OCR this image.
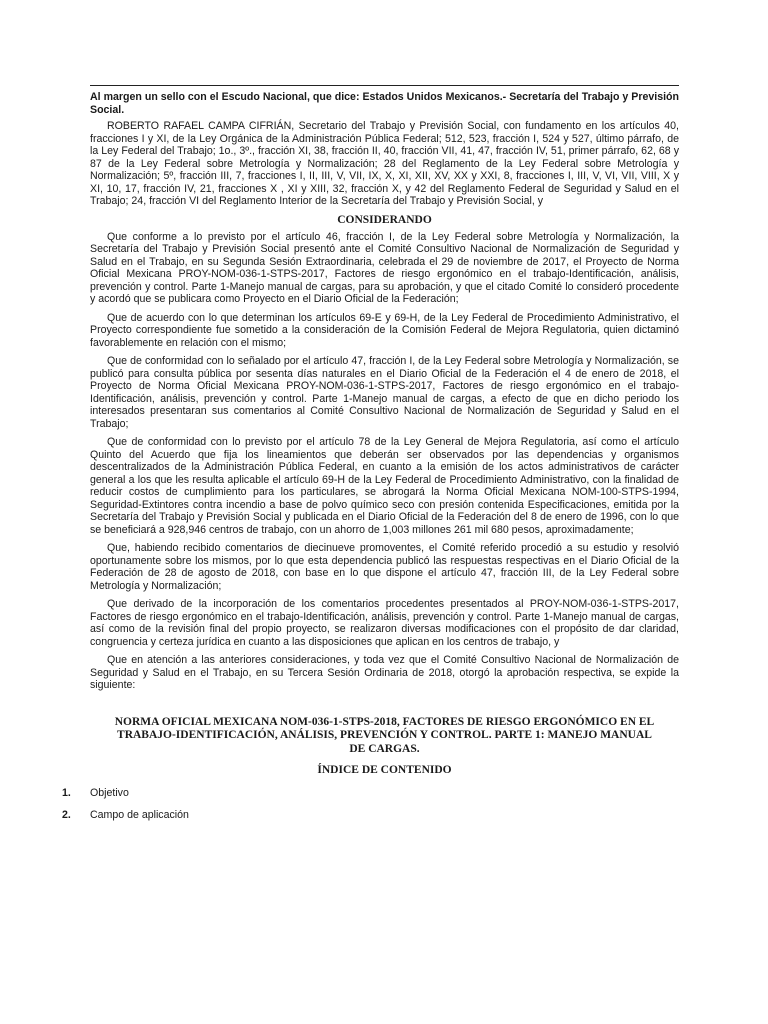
Al margen un sello con el Escudo Nacional, que dice: Estados Unidos Mexicanos.- Secretaría del Trabajo y Previsión Social.

ROBERTO RAFAEL CAMPA CIFRIÁN, Secretario del Trabajo y Previsión Social, con fundamento en los artículos 40, fracciones I y XI, de la Ley Orgánica de la Administración Pública Federal; 512, 523, fracción I, 524 y 527, último párrafo, de la Ley Federal del Trabajo; 1o., 3º., fracción XI, 38, fracción II, 40, fracción VII, 41, 47, fracción IV, 51, primer párrafo, 62, 68 y 87 de la Ley Federal sobre Metrología y Normalización; 28 del Reglamento de la Ley Federal sobre Metrología y Normalización; 5º, fracción III, 7, fracciones I, II, III, V, VII, IX, X, XI, XII, XV, XX y XXI, 8, fracciones I, III, V, VI, VII, VIII, X y XI, 10, 17, fracción IV, 21, fracciones X , XI y XIII, 32, fracción X, y 42 del Reglamento Federal de Seguridad y Salud en el Trabajo; 24, fracción VI del Reglamento Interior de la Secretaría del Trabajo y Previsión Social, y

CONSIDERANDO

Que conforme a lo previsto por el artículo 46, fracción I, de la Ley Federal sobre Metrología y Normalización, la Secretaría del Trabajo y Previsión Social presentó ante el Comité Consultivo Nacional de Normalización de Seguridad y Salud en el Trabajo, en su Segunda Sesión Extraordinaria, celebrada el 29 de noviembre de 2017, el Proyecto de Norma Oficial Mexicana PROY-NOM-036-1-STPS-2017, Factores de riesgo ergonómico en el trabajo-Identificación, análisis, prevención y control. Parte 1-Manejo manual de cargas, para su aprobación, y que el citado Comité lo consideró procedente y acordó que se publicara como Proyecto en el Diario Oficial de la Federación;

Que de acuerdo con lo que determinan los artículos 69-E y 69-H, de la Ley Federal de Procedimiento Administrativo, el Proyecto correspondiente fue sometido a la consideración de la Comisión Federal de Mejora Regulatoria, quien dictaminó favorablemente en relación con el mismo;

Que de conformidad con lo señalado por el artículo 47, fracción I, de la Ley Federal sobre Metrología y Normalización, se publicó para consulta pública por sesenta días naturales en el Diario Oficial de la Federación el 4 de enero de 2018, el Proyecto de Norma Oficial Mexicana PROY-NOM-036-1-STPS-2017, Factores de riesgo ergonómico en el trabajo-Identificación, análisis, prevención y control. Parte 1-Manejo manual de cargas, a efecto de que en dicho periodo los interesados presentaran sus comentarios al Comité Consultivo Nacional de Normalización de Seguridad y Salud en el Trabajo;

Que de conformidad con lo previsto por el artículo 78 de la Ley General de Mejora Regulatoria, así como el artículo Quinto del Acuerdo que fija los lineamientos que deberán ser observados por las dependencias y organismos descentralizados de la Administración Pública Federal, en cuanto a la emisión de los actos administrativos de carácter general a los que les resulta aplicable el artículo 69-H de la Ley Federal de Procedimiento Administrativo, con la finalidad de reducir costos de cumplimiento para los particulares, se abrogará la Norma Oficial Mexicana NOM-100-STPS-1994, Seguridad-Extintores contra incendio a base de polvo químico seco con presión contenida Especificaciones, emitida por la Secretaría del Trabajo y Previsión Social y publicada en el Diario Oficial de la Federación del 8 de enero de 1996, con lo que se beneficiará a 928,946 centros de trabajo, con un ahorro de 1,003 millones 261 mil 680 pesos, aproximadamente;

Que, habiendo recibido comentarios de diecinueve promoventes, el Comité referido procedió a su estudio y resolvió oportunamente sobre los mismos, por lo que esta dependencia publicó las respuestas respectivas en el Diario Oficial de la Federación de 28 de agosto de 2018, con base en lo que dispone el artículo 47, fracción III, de la Ley Federal sobre Metrología y Normalización;

Que derivado de la incorporación de los comentarios procedentes presentados al PROY-NOM-036-1-STPS-2017, Factores de riesgo ergonómico en el trabajo-Identificación, análisis, prevención y control. Parte 1-Manejo manual de cargas, así como de la revisión final del propio proyecto, se realizaron diversas modificaciones con el propósito de dar claridad, congruencia y certeza jurídica en cuanto a las disposiciones que aplican en los centros de trabajo, y

Que en atención a las anteriores consideraciones, y toda vez que el Comité Consultivo Nacional de Normalización de Seguridad y Salud en el Trabajo, en su Tercera Sesión Ordinaria de 2018, otorgó la aprobación respectiva, se expide la siguiente:

NORMA OFICIAL MEXICANA NOM-036-1-STPS-2018, FACTORES DE RIESGO ERGONÓMICO EN EL TRABAJO-IDENTIFICACIÓN, ANÁLISIS, PREVENCIÓN Y CONTROL. PARTE 1: MANEJO MANUAL DE CARGAS.
ÍNDICE DE CONTENIDO
1.	Objetivo
2.	Campo de aplicación
